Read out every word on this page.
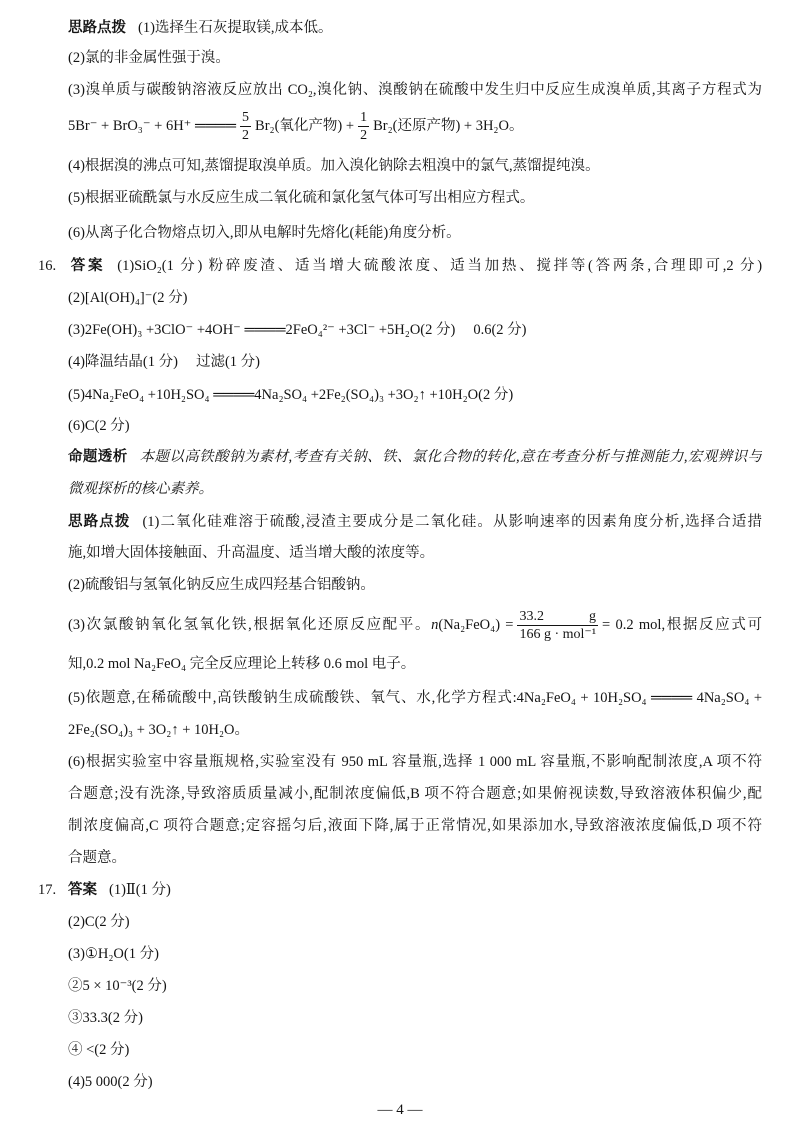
思路点拨 (1)选择生石灰提取镁,成本低。
(2)氯的非金属性强于溴。
(3)溴单质与碳酸钠溶液反应放出 CO₂,溴化钠、溴酸钠在硫酸中发生归中反应生成溴单质,其离子方程式为
5Br⁻ + BrO₃⁻ + 6H⁺ ════ $\frac{5}{2} Br_2$(氧化产物) + $\frac{1}{2} Br_2$(还原产物) + 3H₂O。
(4)根据溴的沸点可知,蒸馏提取溴单质。加入溴化钠除去粗溴中的氯气,蒸馏提纯溴。
(5)根据亚硫酰氯与水反应生成二氧化硫和氯化氢气体可写出相应方程式。
(6)从离子化合物熔点切入,即从电解时先熔化(耗能)角度分析。
16. 答案 (1)SiO₂(1 分) 粉碎废渣、适当增大硫酸浓度、适当加热、搅拌等(答两条,合理即可,2 分)
(2)[Al(OH)₄]⁻(2 分)
(3)2Fe(OH)₃ +3ClO⁻ +4OH⁻ ════2FeO₄²⁻ +3Cl⁻ +5H₂O(2 分) 0.6(2 分)
(4)降温结晶(1 分) 过滤(1 分)
(5)4Na₂FeO₄ +10H₂SO₄ ════4Na₂SO₄ +2Fe₂(SO₄)₃ +3O₂↑ +10H₂O(2 分)
(6)C(2 分)
命题透析 本题以高铁酸钠为素材,考查有关钠、铁、氯化合物的转化,意在考查分析与推测能力,宏观辨识与
微观探析的核心素养。
思路点拨 (1)二氧化硅难溶于硫酸,浸渣主要成分是二氧化硅。从影响速率的因素角度分析,选择合适措
施,如增大固体接触面、升高温度、适当增大酸的浓度等。
(2)硫酸铝与氢氧化钠反应生成四羟基合铝酸钠。
(3)次氯酸钠氧化氢氧化铁,根据氧化还原反应配平。$n(Na_2FeO_4) = \frac{33.2 g}{\text{166 g · mol⁻¹}} = 0.2$ mol,根据反应式可
知,0.2 mol Na₂FeO₄ 完全反应理论上转移 0.6 mol 电子。
(5)依题意,在稀硫酸中,高铁酸钠生成硫酸铁、氧气、水,化学方程式:4Na₂FeO₄ + 10H₂SO₄ ════ 4Na₂SO₄ +
2Fe₂(SO₄)₃ + 3O₂↑ + 10H₂O。
(6)根据实验室中容量瓶规格,实验室没有 950 mL 容量瓶,选择 1 000 mL 容量瓶,不影响配制浓度,A 项不符
合题意;没有洗涤,导致溶质质量减小,配制浓度偏低,B 项不符合题意;如果俯视读数,导致溶液体积偏少,配
制浓度偏高,C 项符合题意;定容摇匀后,液面下降,属于正常情况,如果添加水,导致溶液浓度偏低,D 项不符
合题意。
17. 答案 (1)Ⅱ(1 分)
(2)C(2 分)
(3)①H₂O(1 分)
②5 × 10⁻³(2 分)
③33.3(2 分)
④ <(2 分)
(4)5 000(2 分)
— 4 —
